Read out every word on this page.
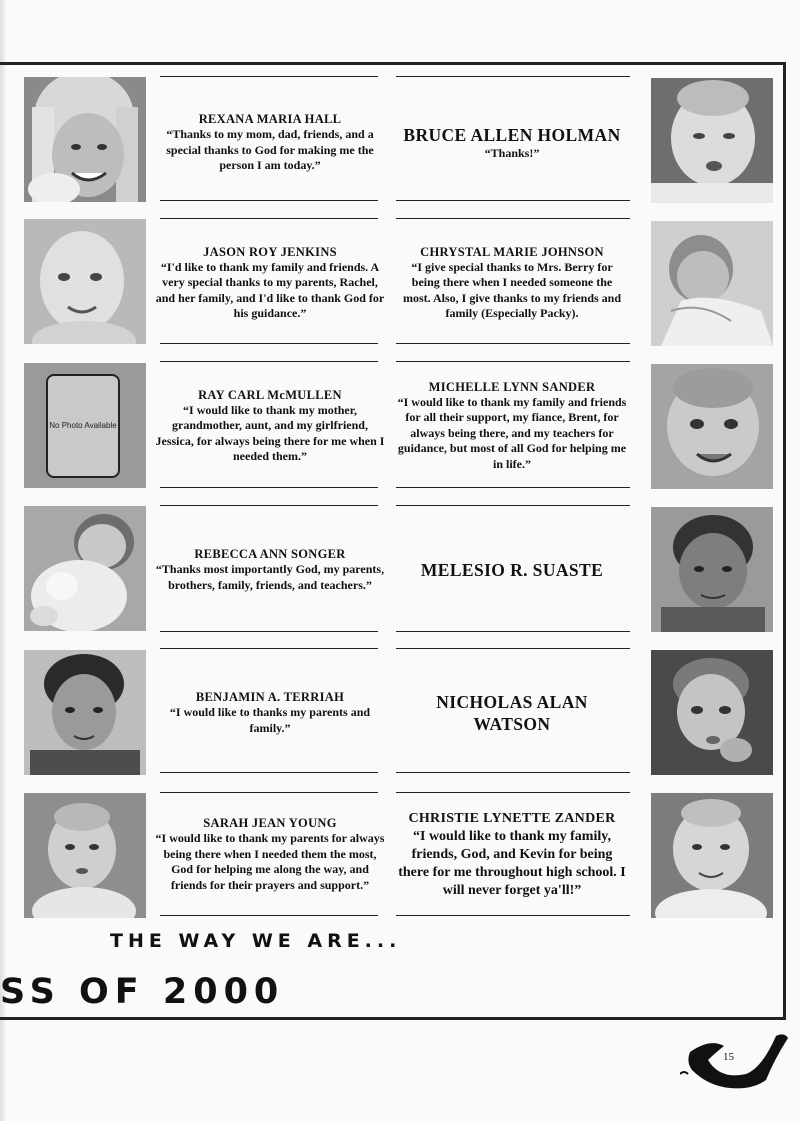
REXANA MARIA HALL
“Thanks to my mom, dad, friends, and a special thanks to God for making me the person I am today.”
BRUCE ALLEN HOLMAN
“Thanks!”
JASON ROY JENKINS
“I'd like to thank my family and friends. A very special thanks to my parents, Rachel, and her family, and I'd like to thank God for his guidance.”
CHRYSTAL MARIE JOHNSON
“I give special thanks to Mrs. Berry for being there when I needed someone the most. Also, I give thanks to my friends and family (Especially Packy).
No Photo Available
RAY CARL McMULLEN
“I would like to thank my mother, grandmother, aunt, and my girlfriend, Jessica, for always being there for me when I needed them.”
MICHELLE LYNN SANDER
“I would like to thank my family and friends for all their support, my fiance, Brent, for always being there, and my teachers for guidance, but most of all God for helping me in life.”
REBECCA ANN SONGER
“Thanks most importantly God, my parents, brothers, family, friends, and teachers.”
MELESIO R. SUASTE
BENJAMIN A. TERRIAH
“I would like to thanks my parents and family.”
NICHOLAS ALAN WATSON
SARAH JEAN YOUNG
“I would like to thank my parents for always being there when I needed them the most, God for helping me along the way, and friends for their prayers and support.”
CHRISTIE LYNETTE ZANDER
“I would like to thank my family, friends, God, and Kevin for being there for me throughout high school. I will never forget ya'll!”
THE WAY WE ARE...
SS OF 2000
15
